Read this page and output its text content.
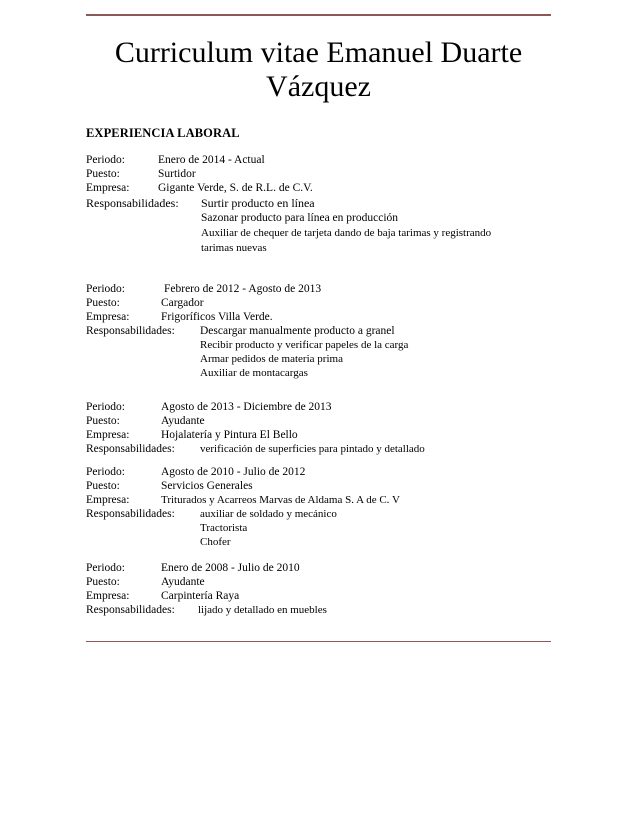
Curriculum vitae Emanuel Duarte Vázquez
EXPERIENCIA LABORAL
Periodo:	Enero de 2014 - Actual
Puesto:	Surtidor
Empresa: Gigante Verde, S. de R.L. de C.V.
Responsabilidades: Surtir producto en línea
Sazonar producto para línea en producción
Auxiliar de chequer de tarjeta dando de baja tarimas y registrando
tarimas nuevas
Periodo:	Febrero de 2012 - Agosto de 2013
Puesto:	Cargador
Empresa:	Frigoríficos Villa Verde.
Responsabilidades: Descargar manualmente producto a granel
Recibir producto y verificar papeles de la carga
Armar pedidos de materia prima
Auxiliar de montacargas
Periodo:	Agosto de 2013 - Diciembre de 2013
Puesto:	Ayudante
Empresa:	Hojalatería y Pintura El Bello
Responsabilidades: verificación de superficies para pintado y detallado
Periodo:	Agosto de 2010 - Julio de 2012
Puesto:	Servicios Generales
Empresa:	Triturados y Acarreos Marvas de Aldama S. A de C. V
Responsabilidades: auxiliar de soldado y mecánico
Tractorista
Chofer
Periodo:	Enero de 2008 - Julio de 2010
Puesto:	Ayudante
Empresa:	Carpintería Raya
Responsabilidades: lijado y detallado en muebles
